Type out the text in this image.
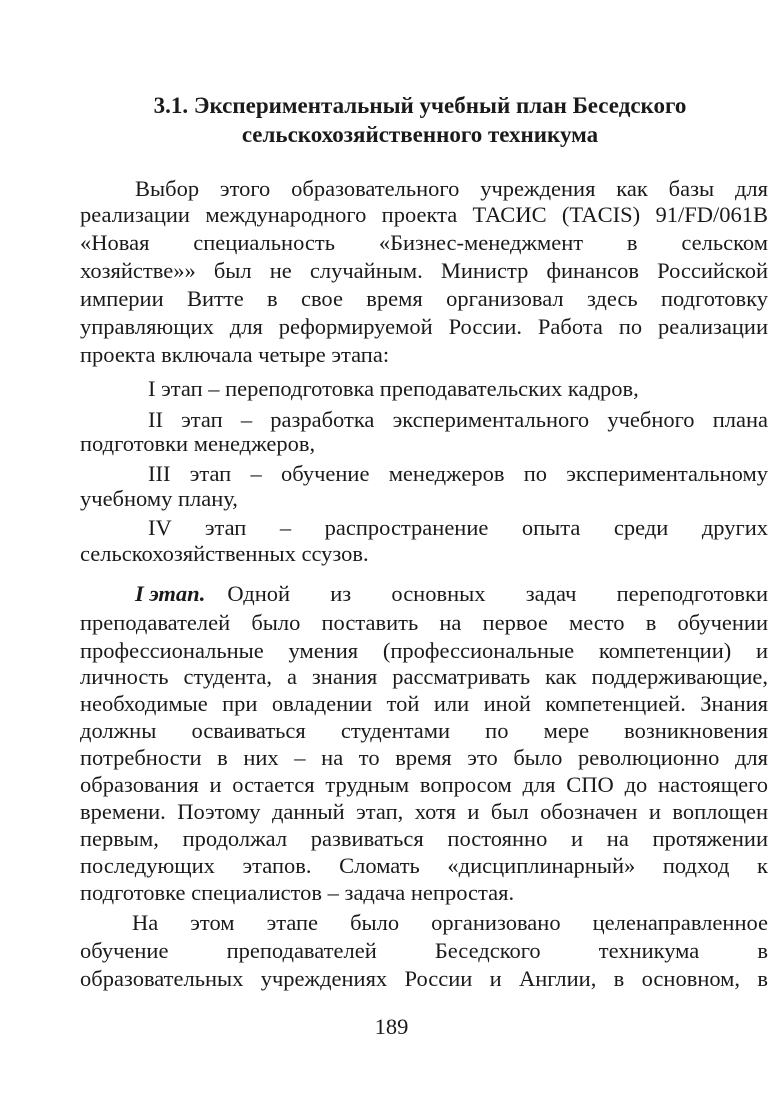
3.1. Экспериментальный учебный план Беседского
сельскохозяйственного техникума
Выбор этого образовательного учреждения как базы для
реализации международного проекта ТАСИС (TACIS) 91/FD/061B
«Новая специальность «Бизнес-менеджмент в сельском
хозяйстве»» был не случайным. Министр финансов Российской
империи Витте в свое время организовал здесь подготовку
управляющих для реформируемой России. Работа по реализации
проекта включала четыре этапа:
I этап – переподготовка преподавательских кадров,
II этап – разработка экспериментального учебного плана
подготовки менеджеров,
III этап – обучение менеджеров по экспериментальному
учебному плану,
IV этап – распространение опыта среди других
сельскохозяйственных ссузов.
I этап. Одной из основных задач переподготовки
преподавателей было поставить на первое место в обучении
профессиональные умения (профессиональные компетенции) и
личность студента, а знания рассматривать как поддерживающие,
необходимые при овладении той или иной компетенцией. Знания
должны осваиваться студентами по мере возникновения
потребности в них – на то время это было революционно для
образования и остается трудным вопросом для СПО до настоящего
времени. Поэтому данный этап, хотя и был обозначен и воплощен
первым, продолжал развиваться постоянно и на протяжении
последующих этапов. Сломать «дисциплинарный» подход к
подготовке специалистов – задача непростая.
На этом этапе было организовано целенаправленное
обучение преподавателей Беседского техникума в
образовательных учреждениях России и Англии, в основном, в
189
